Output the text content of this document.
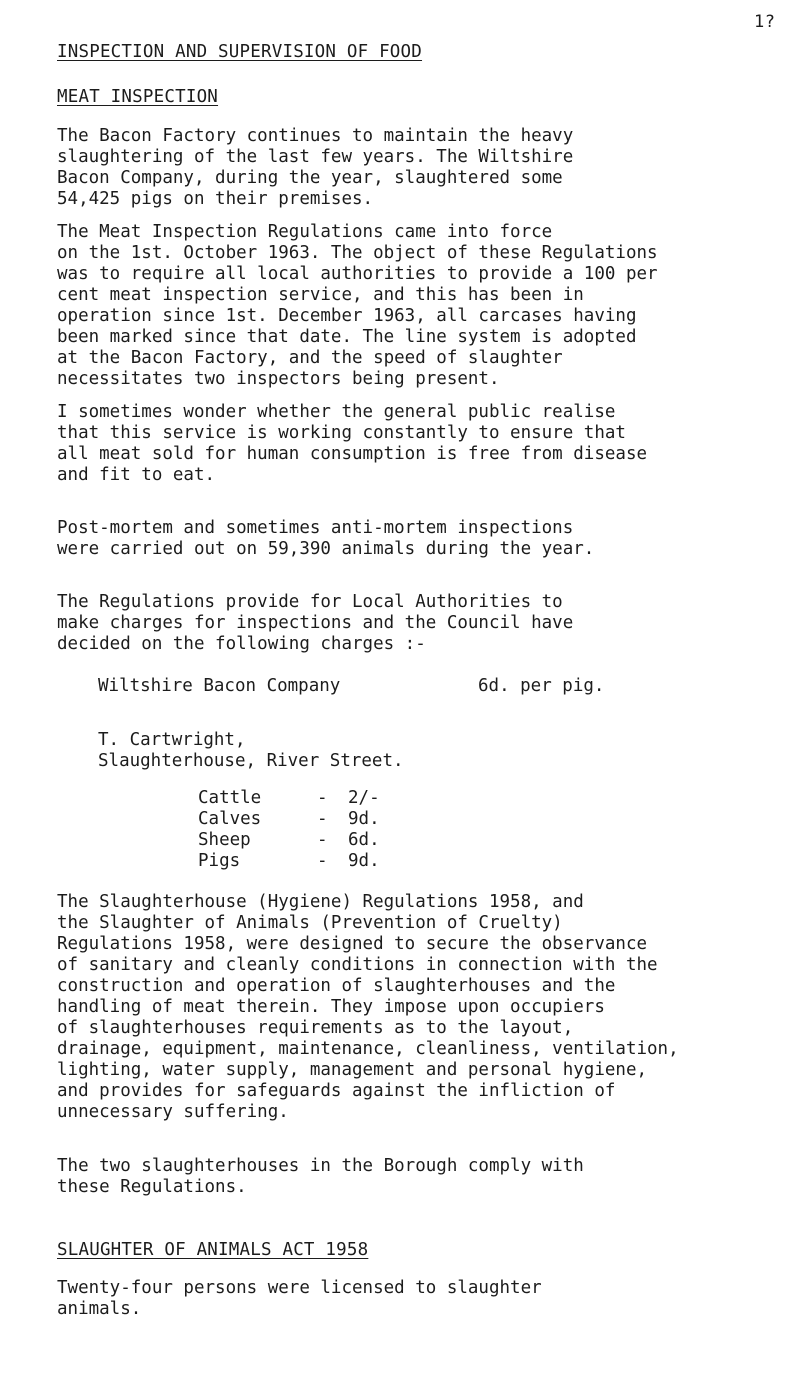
1?
INSPECTION AND SUPERVISION OF FOOD
MEAT INSPECTION
The Bacon Factory continues to maintain the heavy
slaughtering of the last few years. The Wiltshire
Bacon Company, during the year, slaughtered some
54,425 pigs on their premises.
The Meat Inspection Regulations came into force
on the 1st. October 1963. The object of these Regulations
was to require all local authorities to provide a 100 per
cent meat inspection service, and this has been in
operation since 1st. December 1963, all carcases having
been marked since that date. The line system is adopted
at the Bacon Factory, and the speed of slaughter
necessitates two inspectors being present.
I sometimes wonder whether the general public realise
that this service is working constantly to ensure that
all meat sold for human consumption is free from disease
and fit to eat.
Post-mortem and sometimes anti-mortem inspections
were carried out on 59,390 animals during the year.
The Regulations provide for Local Authorities to
make charges for inspections and the Council have
decided on the following charges :-
Wiltshire Bacon Company	6d. per pig.
T. Cartwright,
Slaughterhouse, River Street.
Cattle	- 2/-
Calves	- 9d.
Sheep	- 6d.
Pigs	- 9d.
The Slaughterhouse (Hygiene) Regulations 1958, and
the Slaughter of Animals (Prevention of Cruelty)
Regulations 1958, were designed to secure the observance
of sanitary and cleanly conditions in connection with the
construction and operation of slaughterhouses and the
handling of meat therein. They impose upon occupiers
of slaughterhouses requirements as to the layout,
drainage, equipment, maintenance, cleanliness, ventilation,
lighting, water supply, management and personal hygiene,
and provides for safeguards against the infliction of
unnecessary suffering.
The two slaughterhouses in the Borough comply with
these Regulations.
SLAUGHTER OF ANIMALS ACT 1958
Twenty-four persons were licensed to slaughter
animals.
